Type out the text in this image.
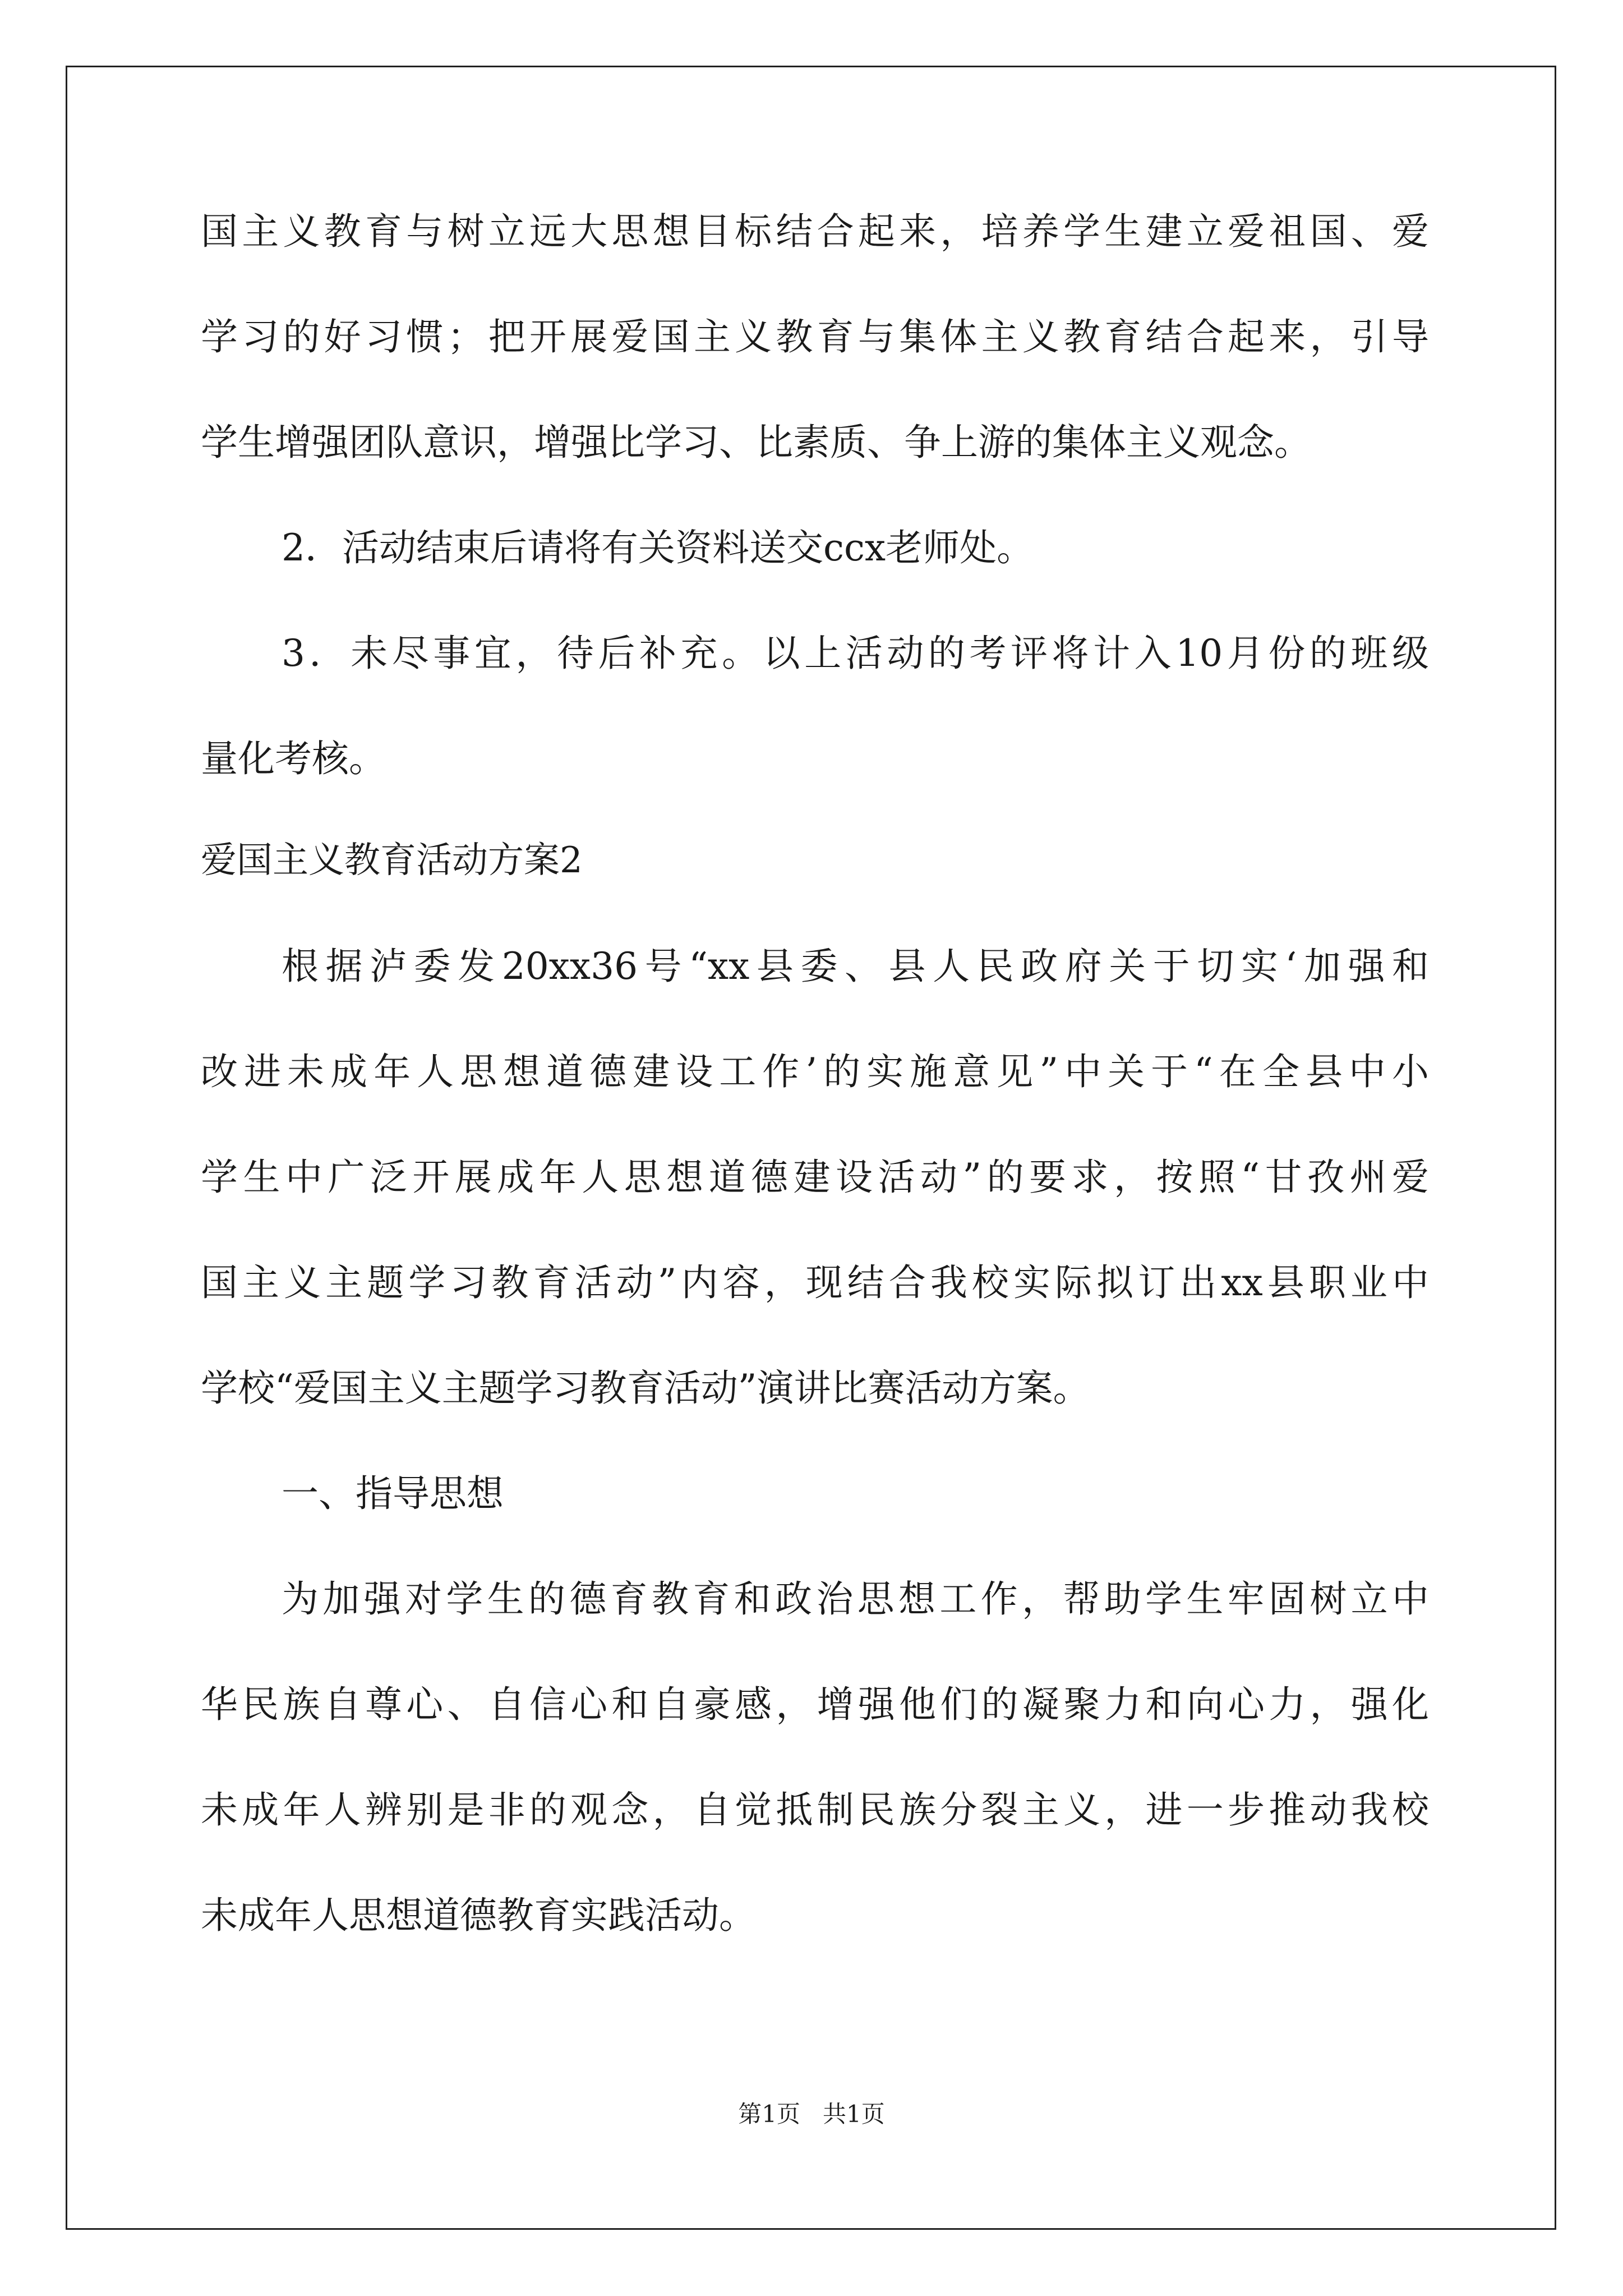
国主义教育与树立远大思想目标结合起来，培养学生建立爱祖国、爱
学习的好习惯；把开展爱国主义教育与集体主义教育结合起来，引导
学生增强团队意识，增强比学习、比素质、争上游的集体主义观念。
2．活动结束后请将有关资料送交ccx老师处。
3．未尽事宜，待后补充。以上活动的考评将计入10月份的班级
量化考核。
爱国主义教育活动方案2
根据泸委发20xx36号“xx县委、县人民政府关于切实‘加强和
改进未成年人思想道德建设工作’的实施意见”中关于“在全县中小
学生中广泛开展成年人思想道德建设活动”的要求，按照“甘孜州爱
国主义主题学习教育活动”内容，现结合我校实际拟订出xx县职业中
学校“爱国主义主题学习教育活动”演讲比赛活动方案。
一、指导思想
为加强对学生的德育教育和政治思想工作，帮助学生牢固树立中
华民族自尊心、自信心和自豪感，增强他们的凝聚力和向心力，强化
未成年人辨别是非的观念，自觉抵制民族分裂主义，进一步推动我校
未成年人思想道德教育实践活动。
第1页   共1页
